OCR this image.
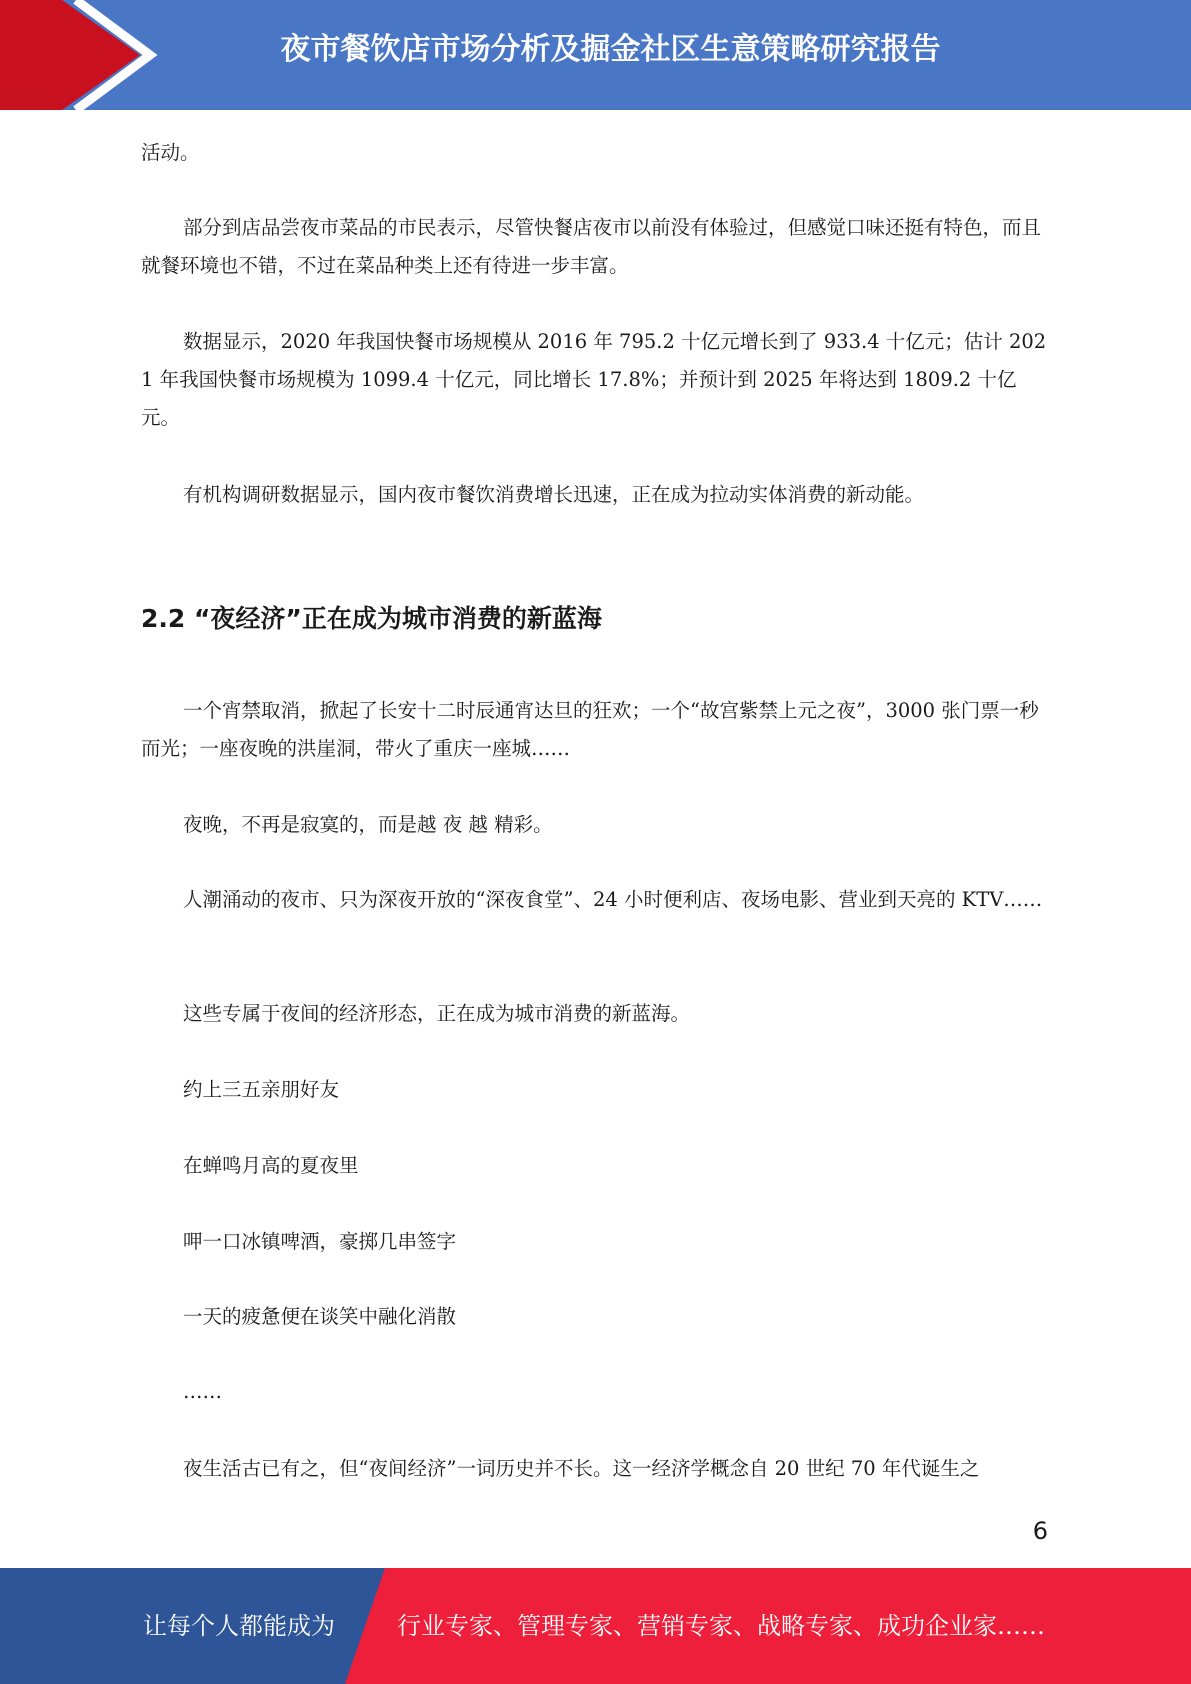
夜市餐饮店市场分析及掘金社区生意策略研究报告

活动。

部分到店品尝夜市菜品的市民表示，尽管快餐店夜市以前没有体验过，但感觉口味还挺有特色，而且就餐环境也不错，不过在菜品种类上还有待进一步丰富。

数据显示，2020 年我国快餐市场规模从 2016 年 795.2 十亿元增长到了 933.4 十亿元；估计 2021 年我国快餐市场规模为 1099.4 十亿元，同比增长 17.8%；并预计到 2025 年将达到 1809.2 十亿元。

有机构调研数据显示，国内夜市餐饮消费增长迅速，正在成为拉动实体消费的新动能。

2.2 “夜经济”正在成为城市消费的新蓝海

一个宵禁取消，掀起了长安十二时辰通宵达旦的狂欢；一个“故宫紫禁上元之夜”，3000 张门票一秒而光；一座夜晚的洪崖洞，带火了重庆一座城……

夜晚，不再是寂寞的，而是越 夜 越 精彩。

人潮涌动的夜市、只为深夜开放的“深夜食堂”、24 小时便利店、夜场电影、营业到天亮的 KTV……

这些专属于夜间的经济形态，正在成为城市消费的新蓝海。

约上三五亲朋好友

在蝉鸣月高的夏夜里

呷一口冰镇啤酒，豪掷几串签字

一天的疲惫便在谈笑中融化消散

……

夜生活古已有之，但“夜间经济”一词历史并不长。这一经济学概念自 20 世纪 70 年代诞生之

6
让每个人都能成为	行业专家、管理专家、营销专家、战略专家、成功企业家……
